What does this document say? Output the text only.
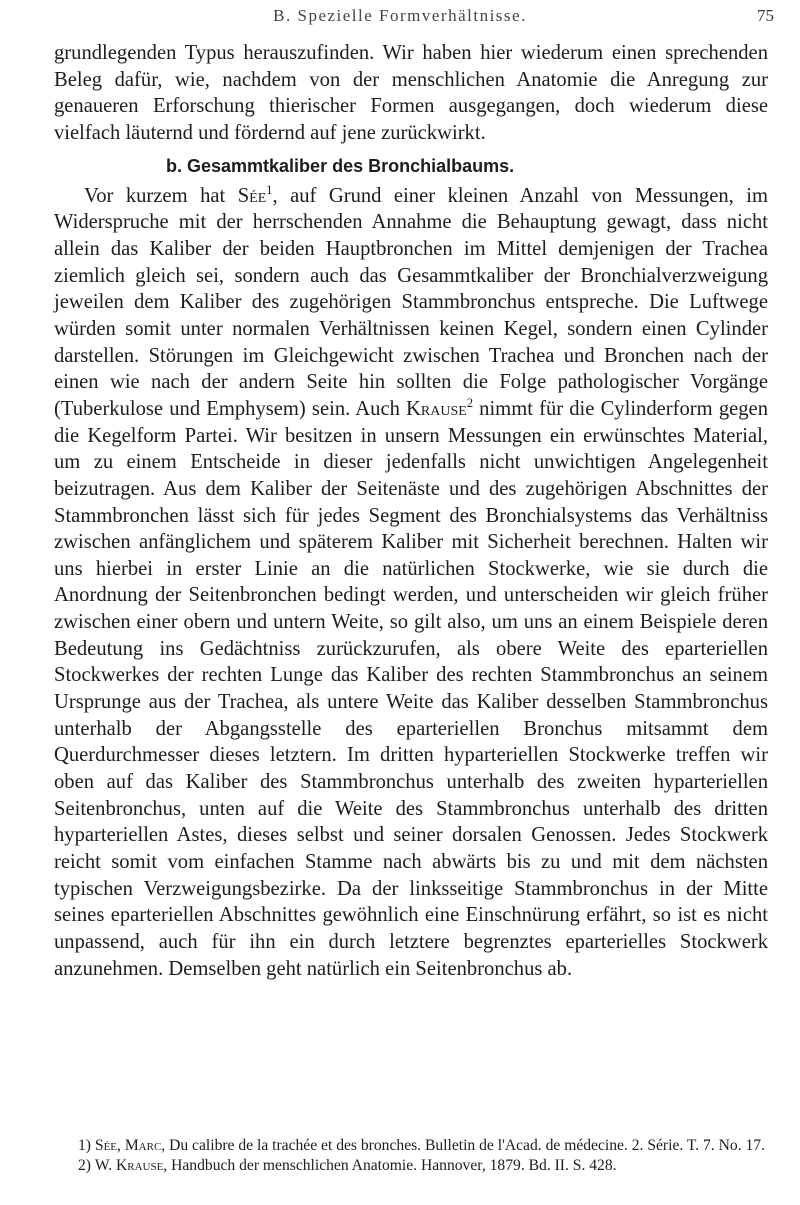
B. Spezielle Formverhältnisse.	75

grundlegenden Typus herauszufinden. Wir haben hier wiederum einen sprechenden Beleg dafür, wie, nachdem von der menschlichen Anatomie die Anregung zur genaueren Erforschung thierischer Formen ausgegangen, doch wiederum diese vielfach läuternd und fördernd auf jene zurückwirkt.

b. Gesammtkaliber des Bronchialbaums.

Vor kurzem hat Sée$^1$, auf Grund einer kleinen Anzahl von Messungen, im Widerspruche mit der herrschenden Annahme die Behauptung gewagt, dass nicht allein das Kaliber der beiden Hauptbronchen im Mittel demjenigen der Trachea ziemlich gleich sei, sondern auch das Gesammtkaliber der Bronchialverzweigung jeweilen dem Kaliber des zugehörigen Stammbronchus entspreche. Die Luftwege würden somit unter normalen Verhältnissen keinen Kegel, sondern einen Cylinder darstellen. Störungen im Gleichgewicht zwischen Trachea und Bronchen nach der einen wie nach der andern Seite hin sollten die Folge pathologischer Vorgänge (Tuberkulose und Emphysem) sein. Auch Krause$^2$ nimmt für die Cylinderform gegen die Kegelform Partei. Wir besitzen in unsern Messungen ein erwünschtes Material, um zu einem Entscheide in dieser jedenfalls nicht unwichtigen Angelegenheit beizutragen. Aus dem Kaliber der Seitenäste und des zugehörigen Abschnittes der Stammbronchen lässt sich für jedes Segment des Bronchialsystems das Verhältniss zwischen anfänglichem und späterem Kaliber mit Sicherheit berechnen. Halten wir uns hierbei in erster Linie an die natürlichen Stockwerke, wie sie durch die Anordnung der Seitenbronchen bedingt werden, und unterscheiden wir gleich früher zwischen einer obern und untern Weite, so gilt also, um uns an einem Beispiele deren Bedeutung ins Gedächtniss zurückzurufen, als obere Weite des eparteriellen Stockwerkes der rechten Lunge das Kaliber des rechten Stammbronchus an seinem Ursprunge aus der Trachea, als untere Weite das Kaliber desselben Stammbronchus unterhalb der Abgangsstelle des eparteriellen Bronchus mitsammt dem Querdurchmesser dieses letztern. Im dritten hyparteriellen Stockwerke treffen wir oben auf das Kaliber des Stammbronchus unterhalb des zweiten hyparteriellen Seitenbronchus, unten auf die Weite des Stammbronchus unterhalb des dritten hyparteriellen Astes, dieses selbst und seiner dorsalen Genossen. Jedes Stockwerk reicht somit vom einfachen Stamme nach abwärts bis zu und mit dem nächsten typischen Verzweigungsbezirke. Da der linksseitige Stammbronchus in der Mitte seines eparteriellen Abschnittes gewöhnlich eine Einschnürung erfährt, so ist es nicht unpassend, auch für ihn ein durch letztere begrenztes eparterielles Stockwerk anzunehmen. Demselben geht natürlich ein Seitenbronchus ab.

1) Sée, Marc, Du calibre de la trachée et des bronches. Bulletin de l'Acad. de médecine. 2. Série. T. 7. No. 17.

2) W. Krause, Handbuch der menschlichen Anatomie. Hannover, 1879. Bd. II. S. 428.
